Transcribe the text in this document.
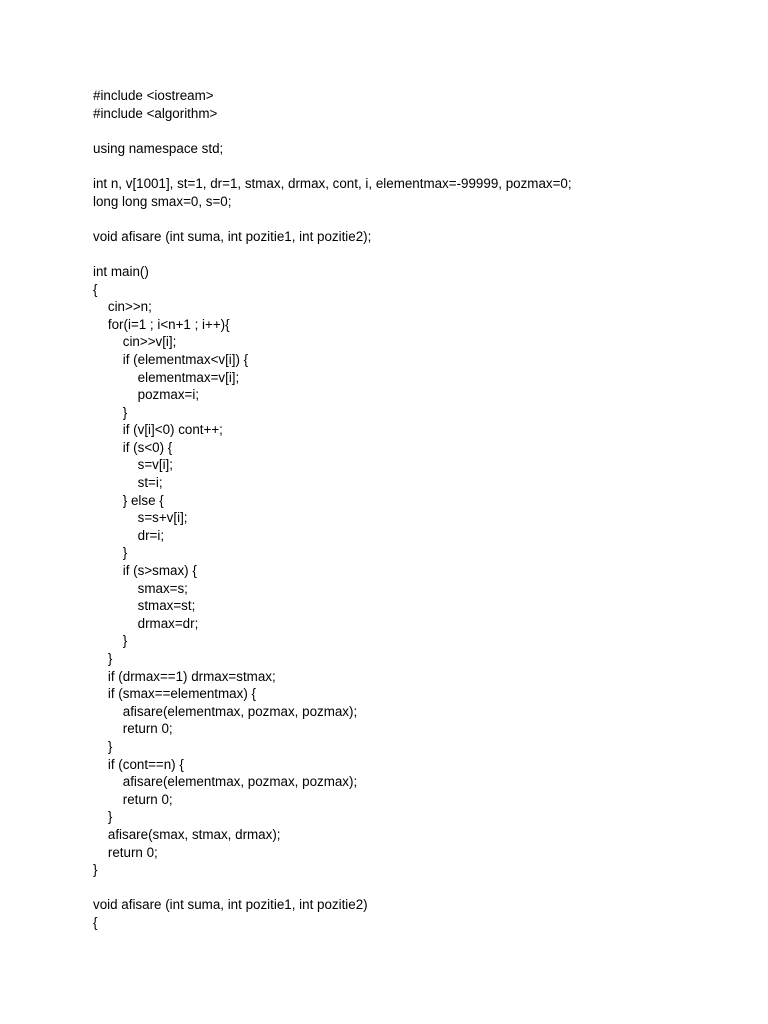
#include <iostream>
#include <algorithm>
using namespace std;
int n, v[1001], st=1, dr=1, stmax, drmax, cont, i, elementmax=-99999, pozmax=0;
long long smax=0, s=0;
void afisare (int suma, int pozitie1, int pozitie2);
int main()
{
cin>>n;
for(i=1 ; i<n+1 ; i++){
cin>>v[i];
if (elementmax<v[i]) {
elementmax=v[i];
pozmax=i;
}
if (v[i]<0) cont++;
if (s<0) {
s=v[i];
st=i;
} else {
s=s+v[i];
dr=i;
}
if (s>smax) {
smax=s;
stmax=st;
drmax=dr;
}
}
if (drmax==1) drmax=stmax;
if (smax==elementmax) {
afisare(elementmax, pozmax, pozmax);
return 0;
}
if (cont==n) {
afisare(elementmax, pozmax, pozmax);
return 0;
}
afisare(smax, stmax, drmax);
return 0;
}
void afisare (int suma, int pozitie1, int pozitie2)
{
